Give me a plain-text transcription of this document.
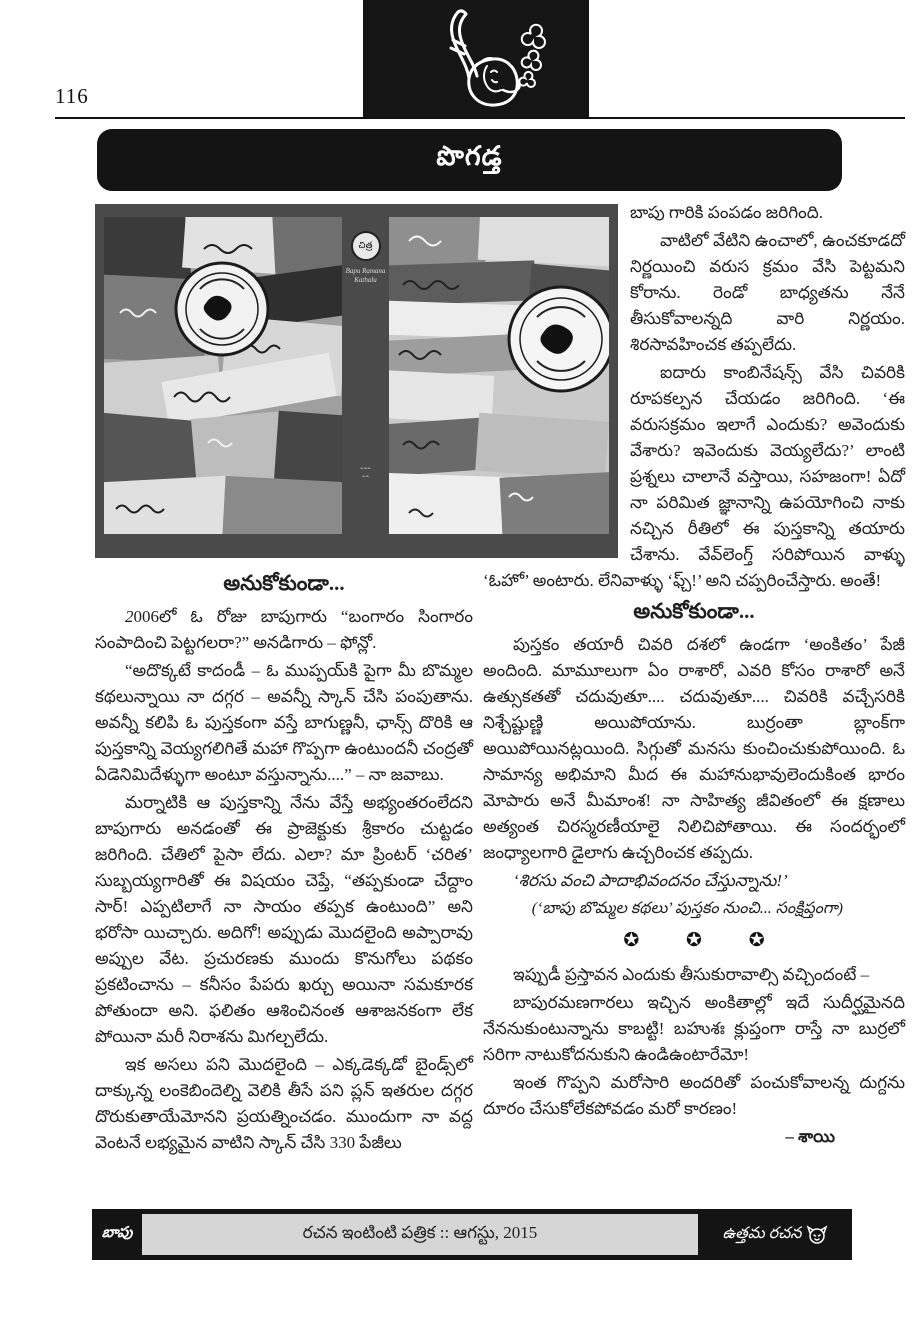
116
పొగడ్త
చిత్ర
Bapu Ramana Kathalu
⌁⌁⌁
⌁⌁
అనుకోకుండా...

2006లో ఓ రోజు బాపుగారు “బంగారం సింగారం సంపాదించి పెట్టగలరా?” అనడిగారు – ఫోన్లో.

“అదొక్కటే కాదండీ – ఓ ముప్పయ్‌కి పైగా మీ బొమ్మల కథలున్నాయి నా దగ్గర – అవన్నీ స్కాన్ చేసి పంపుతాను. అవన్నీ కలిపి ఓ పుస్తకంగా వస్తే బాగుణ్ణనీ, ఛాన్స్ దొరికి ఆ పుస్తకాన్ని వెయ్యగలిగితే మహా గొప్పగా ఉంటుందనీ చంద్రతో ఏడెనిమిదేళ్ళుగా అంటూ వస్తున్నాను....” – నా జవాబు.

మర్నాటికి ఆ పుస్తకాన్ని నేను వేస్తే అభ్యంతరంలేదని బాపుగారు అనడంతో ఈ ప్రాజెక్టుకు శ్రీకారం చుట్టడం జరిగింది. చేతిలో పైసా లేదు. ఎలా? మా ప్రింటర్ ‘చరిత’ సుబ్బయ్యగారితో ఈ విషయం చెప్తే, “తప్పకుండా చేద్దాం సార్! ఎప్పటిలాగే నా సాయం తప్పక ఉంటుంది” అని భరోసా యిచ్చారు. అదిగో! అప్పుడు మొదలైంది అప్పారావు అప్పుల వేట. ప్రచురణకు ముందు కొనుగోలు పథకం ప్రకటించాను – కనీసం పేపరు ఖర్చు అయినా సమకూరక పోతుందా అని. ఫలితం ఆశించినంత ఆశాజనకంగా లేక పోయినా మరీ నిరాశను మిగల్చలేదు.

ఇక అసలు పని మొదలైంది – ఎక్కడెక్కడో బైండ్స్‌లో దాక్కున్న లంకెబిందెల్ని వెలికి తీసే పని ప్లన్ ఇతరుల దగ్గర దొరుకుతాయేమోనని ప్రయత్నించడం. ముందుగా నా వద్ద వెంటనే లభ్యమైన వాటిని స్కాన్ చేసి 330 పేజీలు

బాపు గారికి పంపడం జరిగింది.

వాటిలో వేటిని ఉంచాలో, ఉంచకూడదో నిర్ణయించి వరుస క్రమం వేసి పెట్టమని కోరాను. రెండో బాధ్యతను నేనే తీసుకోవాలన్నది వారి నిర్ణయం. శిరసావహించక తప్పలేదు.

ఐదారు కాంబినేషన్స్ వేసి చివరికి రూపకల్పన చేయడం జరిగింది. ‘ఈ వరుసక్రమం ఇలాగే ఎందుకు? అవెందుకు వేశారు? ఇవెందుకు వెయ్యలేదు?’ లాంటి ప్రశ్నలు చాలానే వస్తాయి, సహజంగా! ఏదో నా పరిమిత జ్ఞానాన్ని ఉపయోగించి నాకు నచ్చిన రీతిలో ఈ పుస్తకాన్ని తయారు చేశాను. వేవ్‌లెంగ్త్ సరిపోయిన వాళ్ళు ‘ఓహో’ అంటారు. లేనివాళ్ళు ‘ఫ్చ్!’ అని చప్పరించేస్తారు. అంతే!

అనుకోకుండా...

పుస్తకం తయారీ చివరి దశలో ఉండగా ‘అంకితం’ పేజీ అందింది. మామూలుగా ఏం రాశారో, ఎవరి కోసం రాశారో అనే ఉత్సుకతతో చదువుతూ.... చదువుతూ.... చివరికి వచ్చేసరికి నిశ్చేష్టుణ్ణి అయిపోయాను. బుర్రంతా బ్లాంక్‌గా అయిపోయినట్లయింది. సిగ్గుతో మనసు కుంచించుకుపోయింది. ఓ సామాన్య అభిమాని మీద ఈ మహానుభావులెందుకింత భారం మోపారు అనే మీమాంశ! నా సాహిత్య జీవితంలో ఈ క్షణాలు అత్యంత చిరస్మరణీయాలై నిలిచిపోతాయి. ఈ సందర్భంలో జంధ్యాలగారి డైలాగు ఉచ్చరించక తప్పదు.

‘శిరసు వంచి పాదాభివందనం చేస్తున్నాను!’

(‘బాపు బొమ్మల కథలు’ పుస్తకం నుంచి... సంక్షిప్తంగా)

✪ ✪ ✪

ఇప్పుడీ ప్రస్తావన ఎందుకు తీసుకురావాల్సి వచ్చిందంటే –

బాపురమణగారలు ఇచ్చిన అంకితాల్లో ఇదే సుదీర్ఘమైనది నేననుకుంటున్నాను కాబట్టి! బహుశః క్లుప్తంగా రాస్తే నా బుర్రలో సరిగా నాటుకోదనుకుని ఉండిఉంటారేమో!

ఇంత గొప్పని మరోసారి అందరితో పంచుకోవాలన్న దుగ్దను దూరం చేసుకోలేకపోవడం మరో కారణం!

– శాయి

బాపు	రచన ఇంటింటి పత్రిక :: ఆగస్టు, 2015	ఉత్తమ రచన
